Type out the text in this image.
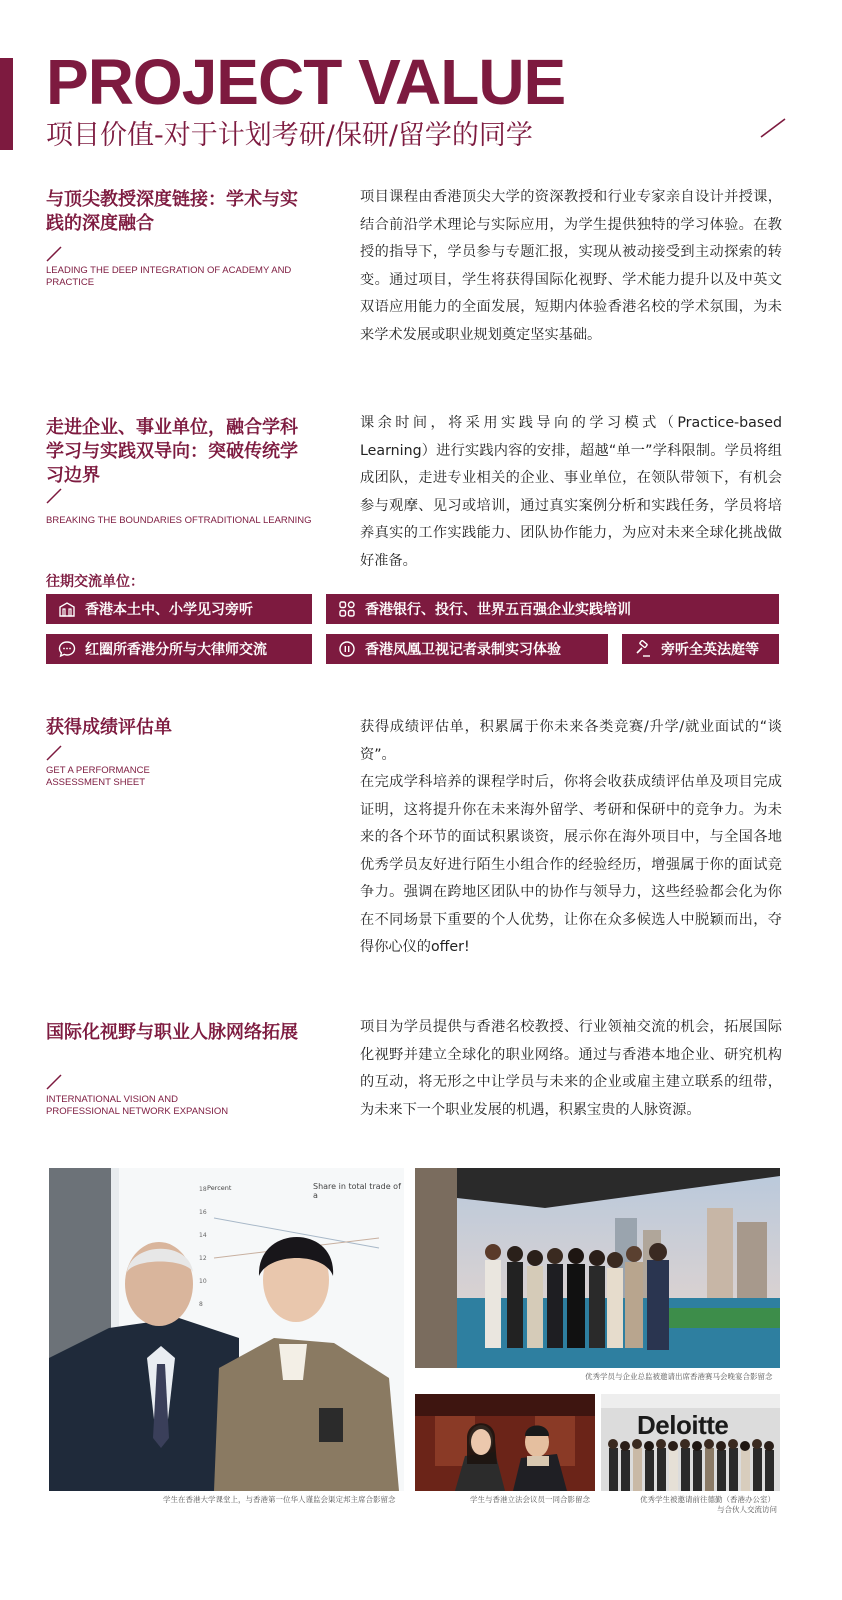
PROJECT VALUE
项目价值-对于计划考研/保研/留学的同学
与顶尖教授深度链接：学术与实践的深度融合
LEADING THE DEEP INTEGRATION OF ACADEMY AND PRACTICE
项目课程由香港顶尖大学的资深教授和行业专家亲自设计并授课，结合前沿学术理论与实际应用，为学生提供独特的学习体验。在教授的指导下，学员参与专题汇报，实现从被动接受到主动探索的转变。通过项目，学生将获得国际化视野、学术能力提升以及中英文双语应用能力的全面发展，短期内体验香港名校的学术氛围，为未来学术发展或职业规划奠定坚实基础。
走进企业、事业单位，融合学科学习与实践双导向：突破传统学习边界
BREAKING THE BOUNDARIES OFTRADITIONAL LEARNING
课余时间，将采用实践导向的学习模式（Practice-based Learning）进行实践内容的安排，超越“单一”学科限制。学员将组成团队，走进专业相关的企业、事业单位，在领队带领下，有机会参与观摩、见习或培训，通过真实案例分析和实践任务，学员将培养真实的工作实践能力、团队协作能力，为应对未来全球化挑战做好准备。
往期交流单位：
香港本土中、小学见习旁听	香港银行、投行、世界五百强企业实践培训
红圈所香港分所与大律师交流	香港凤凰卫视记者录制实习体验	旁听全英法庭等
获得成绩评估单
GET A PERFORMANCE ASSESSMENT SHEET
获得成绩评估单，积累属于你未来各类竞赛/升学/就业面试的“谈资”。
在完成学科培养的课程学时后，你将会收获成绩评估单及项目完成证明，这将提升你在未来海外留学、考研和保研中的竞争力。为未来的各个环节的面试积累谈资，展示你在海外项目中，与全国各地优秀学员友好进行陌生小组合作的经验经历，增强属于你的面试竞争力。强调在跨地区团队中的协作与领导力，这些经验都会化为你在不同场景下重要的个人优势，让你在众多候选人中脱颖而出，夺得你心仪的offer!
国际化视野与职业人脉网络拓展
INTERNATIONAL VISION AND PROFESSIONAL NETWORK EXPANSION
项目为学员提供与香港名校教授、行业领袖交流的机会，拓展国际化视野并建立全球化的职业网络。通过与香港本地企业、研究机构的互动，将无形之中让学员与未来的企业或雇主建立联系的纽带，为未来下一个职业发展的机遇，积累宝贵的人脉资源。
Percent	Share in total trade of a
18
16
14
12
10
8
学生在香港大学课堂上，与香港第一位华人谨监会渠定邦主席合影留念
优秀学员与企业总监被邀请出席香港赛马会晚宴合影留念
学生与香港立法会议员一同合影留念
Deloitte
优秀学生被邀请前往德勤（香港办公室）
与合伙人交流访问
